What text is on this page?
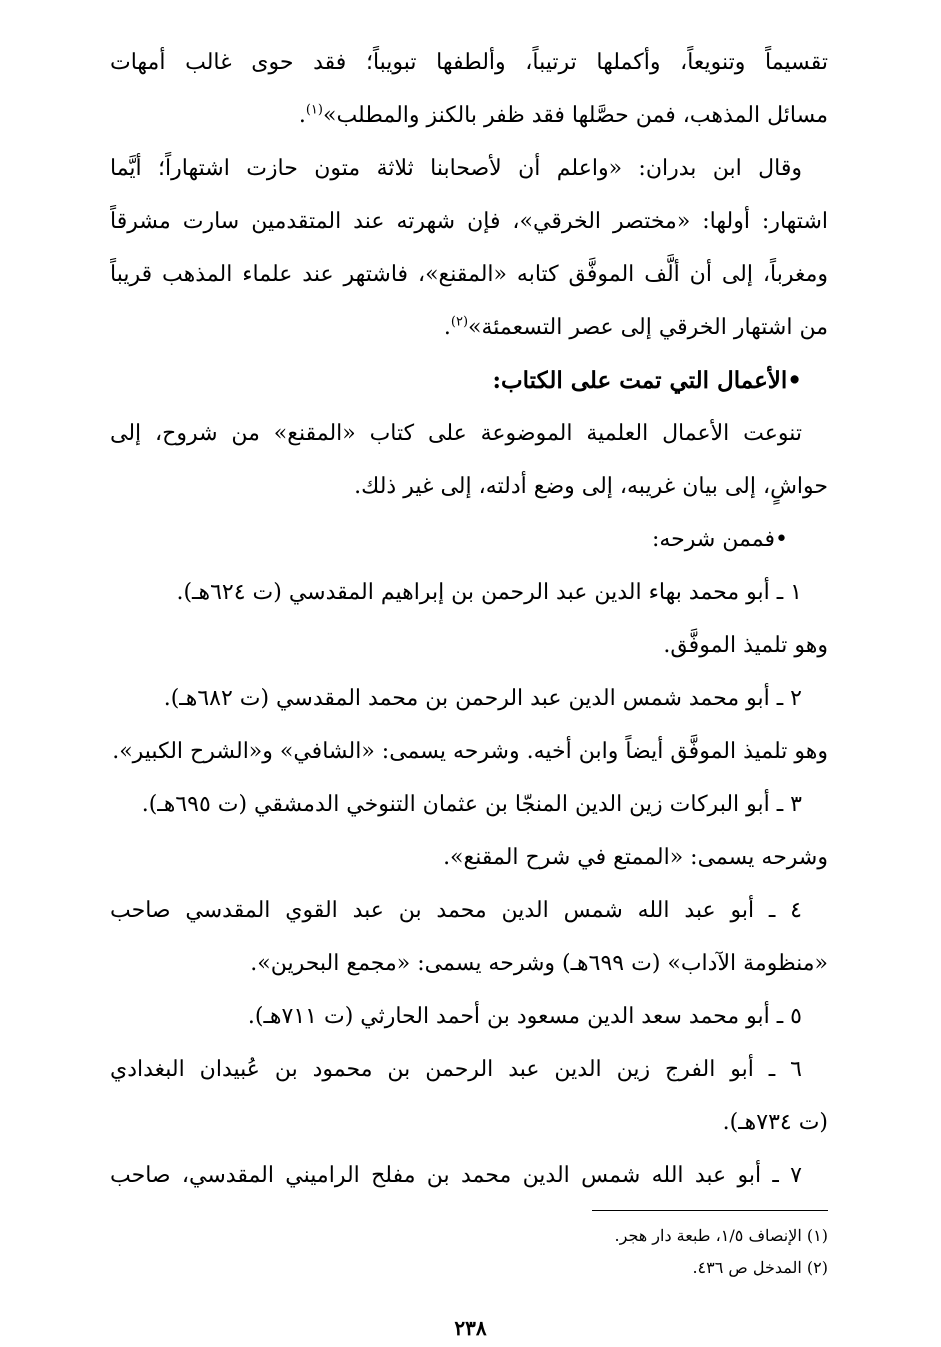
تقسيماً وتنويعاً، وأكملها ترتيباً، وألطفها تبويباً؛ فقد حوى غالب أمهات
مسائل المذهب، فمن حصَّلها فقد ظفر بالكنز والمطلب»$^{(١)}$.
وقال ابن بدران: «واعلم أن لأصحابنا ثلاثة متون حازت اشتهاراً؛ أيَّما
اشتهار: أولها: «مختصر الخرقي»، فإن شهرته عند المتقدمين سارت مشرقاً
ومغرباً، إلى أن ألَّف الموفَّق كتابه «المقنع»، فاشتهر عند علماء المذهب قريباً
من اشتهار الخرقي إلى عصر التسعمئة»$^{(٢)}$.
•الأعمال التي تمت على الكتاب:
تنوعت الأعمال العلمية الموضوعة على كتاب «المقنع» من شروح، إلى
حواشٍ، إلى بيان غريبه، إلى وضع أدلته، إلى غير ذلك.
•فممن شرحه:
١ ـ أبو محمد بهاء الدين عبد الرحمن بن إبراهيم المقدسي (ت ٦٢٤هـ).
وهو تلميذ الموفَّق.
٢ ـ أبو محمد شمس الدين عبد الرحمن بن محمد المقدسي (ت ٦٨٢هـ).
وهو تلميذ الموفَّق أيضاً وابن أخيه. وشرحه يسمى: «الشافي» و«الشرح الكبير».
٣ ـ أبو البركات زين الدين المنجّا بن عثمان التنوخي الدمشقي (ت ٦٩٥هـ).
وشرحه يسمى: «الممتع في شرح المقنع».
٤ ـ أبو عبد الله شمس الدين محمد بن عبد القوي المقدسي صاحب
«منظومة الآداب» (ت ٦٩٩هـ) وشرحه يسمى: «مجمع البحرين».
٥ ـ أبو محمد سعد الدين مسعود بن أحمد الحارثي (ت ٧١١هـ).
٦ ـ أبو الفرج زين الدين عبد الرحمن بن محمود بن عُبيدان البغدادي
(ت ٧٣٤هـ).
٧ ـ أبو عبد الله شمس الدين محمد بن مفلح الراميني المقدسي، صاحب
(١) الإنصاف ١/٥، طبعة دار هجر.
(٢) المدخل ص ٤٣٦.
٢٣٨
